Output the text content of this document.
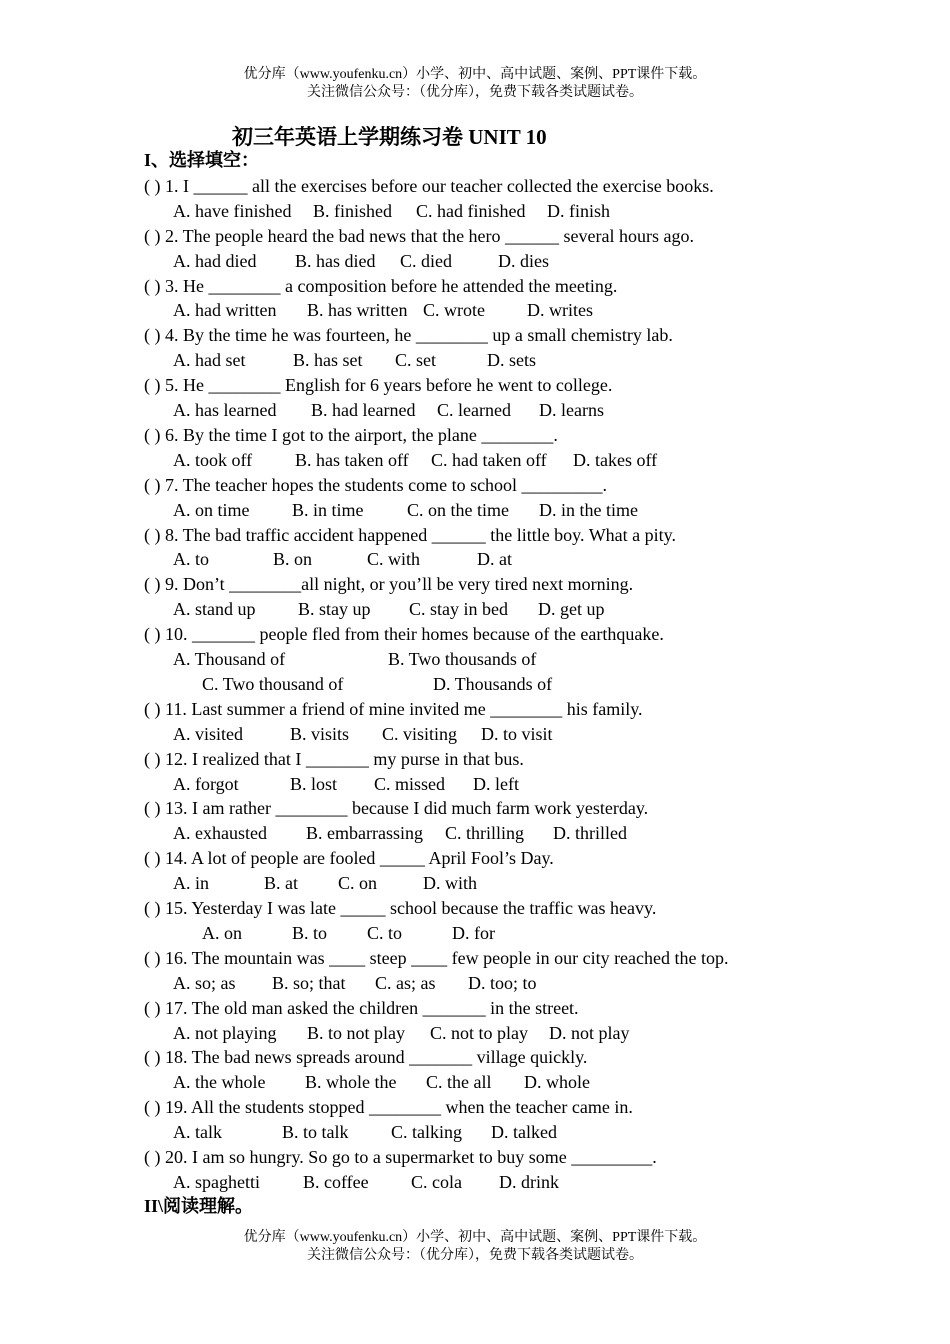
优分库（www.youfenku.cn）小学、初中、高中试题、案例、PPT课件下载。
关注微信公众号：（优分库），免费下载各类试题试卷。
初三年英语上学期练习卷 UNIT 10
I、选择填空：
( ) 1. I ______ all the exercises before our teacher collected the exercise books.
A. have finished B. finished C. had finished D. finish
( ) 2. The people heard the bad news that the hero ______ several hours ago.
A. had died B. has died C. died	D. dies
( ) 3. He ________ a composition before he attended the meeting.
A. had written B. has written C. wrote D. writes
( ) 4. By the time he was fourteen, he ________ up a small chemistry lab.
A. had set	B. has set C. set	D. sets
( ) 5. He ________ English for 6 years before he went to college.
A. has learned B. had learned C. learned D. learns
( ) 6. By the time I got to the airport, the plane ________.
A. took off B. has taken off C. had taken off D. takes off
( ) 7. The teacher hopes the students come to school _________.
A. on time B. in time C. on the time D. in the time
( ) 8. The bad traffic accident happened ______ the little boy. What a pity.
A. to	B. on	C. with	D. at
( ) 9. Don’t ________all night, or you’ll be very tired next morning.
A. stand up B. stay up C. stay in bed D. get up
( ) 10. _______ people fled from their homes because of the earthquake.
A. Thousand of	B. Two thousands of
C. Two thousand of	D. Thousands of
( ) 11. Last summer a friend of mine invited me ________ his family.
A. visited	B. visits C. visiting D. to visit
( ) 12. I realized that I _______ my purse in that bus.
A. forgot	B. lost C. missed D. left
( ) 13. I am rather ________ because I did much farm work yesterday.
A. exhausted B. embarrassing C. thrilling D. thrilled
( ) 14. A lot of people are fooled _____ April Fool’s Day.
A. in	B. at C. on	D. with
( ) 15. Yesterday I was late _____ school because the traffic was heavy.
A. on	B. to C. to	D. for
( ) 16. The mountain was ____ steep ____ few people in our city reached the top.
A. so; as B. so; that C. as; as D. too; to
( ) 17. The old man asked the children _______ in the street.
A. not playing B. to not play C. not to play D. not play
( ) 18. The bad news spreads around _______ village quickly.
A. the whole B. whole the C. the all D. whole
( ) 19. All the students stopped ________ when the teacher came in.
A. talk	B. to talk C. talking D. talked
( ) 20. I am so hungry. So go to a supermarket to buy some _________.
A. spaghetti B. coffee C. cola D. drink
II\阅读理解。
优分库（www.youfenku.cn）小学、初中、高中试题、案例、PPT课件下载。
关注微信公众号：（优分库），免费下载各类试题试卷。
